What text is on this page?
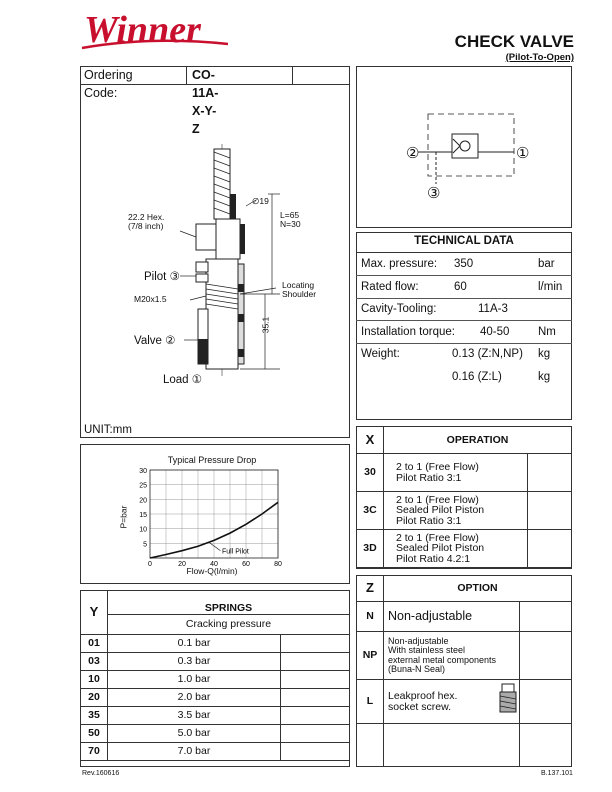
Winner	CHECK VALVE
(Pilot-To-Open)
Ordering Code:
CO-11A-X-Y-Z
22.2 Hex.
(7/8 inch)
∅19
L=65
N=30
Pilot ③
M20x1.5
Locating
Shoulder
Valve ②
35.1
Load ①
UNIT:mm
②	①
③
TECHNICAL DATA
Max. pressure: 350	bar
Rated flow:	60	l/min
Cavity-Tooling:	11A-3
Installation torque: 40-50 Nm
Weight:	0.13 (Z:N,NP) kg
0.16 (Z:L)	kg
X	OPERATION	
30	2 to 1 (Free Flow)
Pilot Ratio 3:1	

3C	2 to 1 (Free Flow)
Sealed Pilot Piston
Pilot Ratio 3:1	

3D	2 to 1 (Free Flow)
Sealed Pilot Piston
Pilot Ratio 4.2:1	

Z	OPTION	
N	Non-adjustable	

NP	Non-adjustable
With stainless steel
external metal components
(Buna-N Seal)	

L	Leakproof hex.
socket screw.	

Typical Pressure Drop
5
10
15
20
25
30
0	20	40	60	80
Full Pilot
Flow-Q(l/min)
P=bar
Y	SPRINGS	
	Cracking pressure	
01	0.1 bar	
03	0.3 bar	
10	1.0 bar	
20	2.0 bar	
35	3.5 bar	
50	5.0 bar	
70	7.0 bar	
Rev.160616	B.137.101
